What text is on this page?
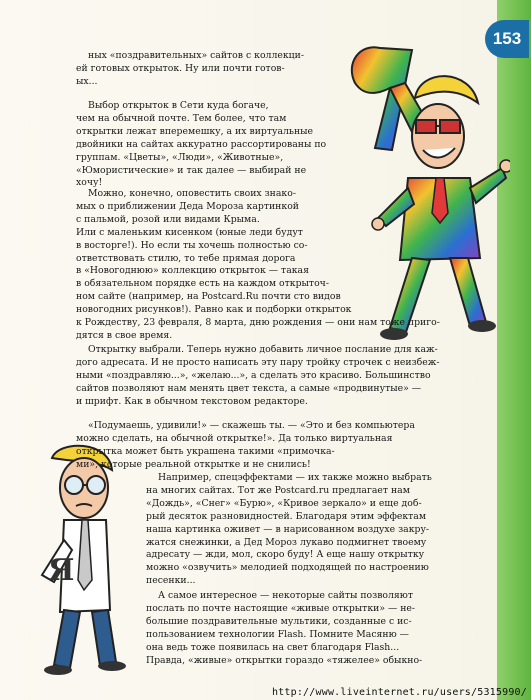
153
Я

ных «поздравительных» сайтов с коллекци-
ей готовых открыток. Ну или почти готов-
ых...

Выбор открыток в Сети куда богаче,
чем на обычной почте. Тем более, что там
открытки лежат вперемешку, а их виртуальные
двойники на сайтах аккуратно рассортированы по
группам. «Цветы», «Люди», «Животные»,
«Юмористические» и так далее — выбирай не
хочу!

Можно, конечно, оповестить своих знако-
мых о приближении Деда Мороза картинкой
с пальмой, розой или видами Крыма.
Или с маленьким кисенком (юные леди будут
в восторге!). Но если ты хочешь полностью со-
ответствовать стилю, то тебе прямая дорога
в «Новогоднюю» коллекцию открыток — такая
в обязательном порядке есть на каждом открыточ-
ном сайте (например, на Postcard.Ru почти сто видов
новогодних рисунков!). Равно как и подборки открыток
к Рождеству, 23 февраля, 8 марта, дню рождения — они нам тоже приго-
дятся в свое время.

Открытку выбрали. Теперь нужно добавить личное послание для каж-
дого адресата. И не просто написать эту пару тройку строчек с неизбеж-
ными «поздравляю...», «желаю...», а сделать это красиво. Большинство
сайтов позволяют нам менять цвет текста, а самые «продвинутые» —
и шрифт. Как в обычном текстовом редакторе.

«Подумаешь, удивили!» — скажешь ты. — «Это и без компьютера
можно сделать, на обычной открытке!». Да только виртуальная
открытка может быть украшена такими «примочка-
ми», которые реальной открытке и не снились!

Например, спецэффектами — их также можно выбрать
на многих сайтах. Тот же Postcard.ru предлагает нам
«Дождь», «Снег» «Бурю», «Кривое зеркало» и еще доб-
рый десяток разновидностей. Благодаря этим эффектам
наша картинка оживет — в нарисованном воздухе закру-
жатся снежинки, а Дед Мороз лукаво подмигнет твоему
адресату — жди, мол, скоро буду! А еще нашу открытку
можно «озвучить» мелодией подходящей по настроению
песенки...

А самое интересное — некоторые сайты позволяют
послать по почте настоящие «живые открытки» — не-
большие поздравительные мультики, созданные с ис-
пользованием технологии Flash. Помните Масяню —
она ведь тоже появилась на свет благодаря Flash...
Правда, «живые» открытки гораздо «тяжелее» обыкно-

http://www.liveinternet.ru/users/5315990/
